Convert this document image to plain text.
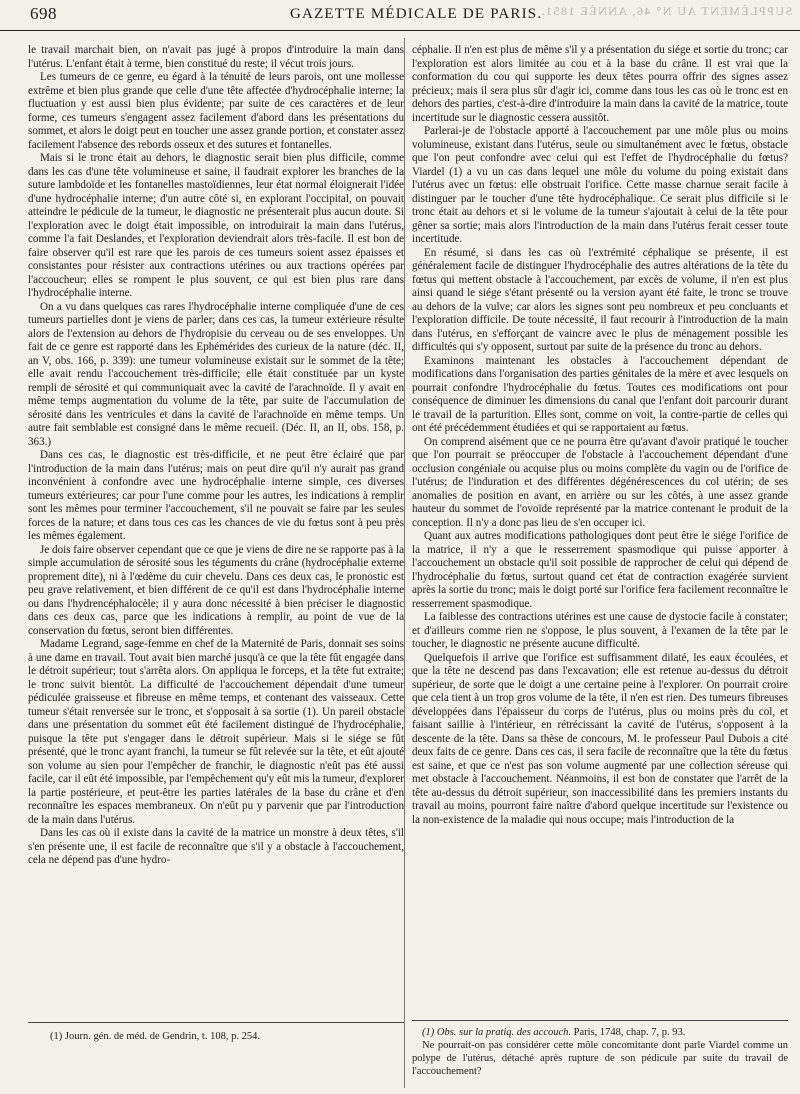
698	GAZETTE MÉDICALE DE PARIS.
SUPPLÉMENT AU N° 46, ANNÉE 1851.

le travail marchait bien, on n'avait pas jugé à propos d'introduire la main dans l'utérus. L'enfant était à terme, bien constitué du reste; il vécut trois jours.

Les tumeurs de ce genre, eu égard à la ténuité de leurs parois, ont une mollesse extrême et bien plus grande que celle d'une tête affectée d'hydrocéphalie interne; la fluctuation y est aussi bien plus évidente; par suite de ces caractères et de leur forme, ces tumeurs s'engagent assez facilement d'abord dans les présentations du sommet, et alors le doigt peut en toucher une assez grande portion, et constater assez facilement l'absence des rebords osseux et des sutures et fontanelles.

Mais si le tronc était au dehors, le diagnostic serait bien plus difficile, comme dans les cas d'une tête volumineuse et saine, il faudrait explorer les branches de la suture lambdoïde et les fontanelles mastoïdiennes, leur état normal éloignerait l'idée d'une hydrocéphalie interne; d'un autre côté si, en explorant l'occipital, on pouvait atteindre le pédicule de la tumeur, le diagnostic ne présenterait plus aucun doute. Si l'exploration avec le doigt était impossible, on introduirait la main dans l'utérus, comme l'a fait Deslandes, et l'exploration deviendrait alors très-facile. Il est bon de faire observer qu'il est rare que les parois de ces tumeurs soient assez épaisses et consistantes pour résister aux contractions utérines ou aux tractions opérées par l'accoucheur; elles se rompent le plus souvent, ce qui est bien plus rare dans l'hydrocéphalie interne.

On a vu dans quelques cas rares l'hydrocéphalie interne compliquée d'une de ces tumeurs partielles dont je viens de parler; dans ces cas, la tumeur extérieure résulte alors de l'extension au dehors de l'hydropisie du cerveau ou de ses enveloppes. Un fait de ce genre est rapporté dans les Ephémérides des curieux de la nature (déc. II, an V, obs. 166, p. 339): une tumeur volumineuse existait sur le sommet de la tête; elle avait rendu l'accouchement très-difficile; elle était constituée par un kyste rempli de sérosité et qui communiquait avec la cavité de l'arachnoïde. Il y avait en même temps augmentation du volume de la tête, par suite de l'accumulation de sérosité dans les ventricules et dans la cavité de l'arachnoïde en même temps. Un autre fait semblable est consigné dans le même recueil. (Déc. II, an II, obs. 158, p. 363.)

Dans ces cas, le diagnostic est très-difficile, et ne peut être éclairé que par l'introduction de la main dans l'utérus; mais on peut dire qu'il n'y aurait pas grand inconvénient à confondre avec une hydrocéphalie interne simple, ces diverses tumeurs extérieures; car pour l'une comme pour les autres, les indications à remplir sont les mêmes pour terminer l'accouchement, s'il ne pouvait se faire par les seules forces de la nature; et dans tous ces cas les chances de vie du fœtus sont à peu près les mêmes également.

Je dois faire observer cependant que ce que je viens de dire ne se rapporte pas à la simple accumulation de sérosité sous les téguments du crâne (hydrocéphalie externe proprement dite), ni à l'œdème du cuir chevelu. Dans ces deux cas, le pronostic est peu grave relativement, et bien différent de ce qu'il est dans l'hydrocéphalie interne ou dans l'hydrencéphalocèle; il y aura donc nécessité à bien préciser le diagnostic dans ces deux cas, parce que les indications à remplir, au point de vue de la conservation du fœtus, seront bien différentes.

Madame Legrand, sage-femme en chef de la Maternité de Paris, donnait ses soins à une dame en travail. Tout avait bien marché jusqu'à ce que la tête fût engagée dans le détroit supérieur; tout s'arrêta alors. On appliqua le forceps, et la tête fut extraite; le tronc suivit bientôt. La difficulté de l'accouchement dépendait d'une tumeur pédiculée graisseuse et fibreuse en même temps, et contenant des vaisseaux. Cette tumeur s'était renversée sur le tronc, et s'opposait à sa sortie (1). Un pareil obstacle dans une présentation du sommet eût été facilement distingué de l'hydrocéphalie, puisque la tête put s'engager dans le détroit supérieur. Mais si le siége se fût présenté, que le tronc ayant franchi, la tumeur se fût relevée sur la tête, et eût ajouté son volume au sien pour l'empêcher de franchir, le diagnostic n'eût pas été aussi facile, car il eût été impossible, par l'empêchement qu'y eût mis la tumeur, d'explorer la partie postérieure, et peut-être les parties latérales de la base du crâne et d'en reconnaître les espaces membraneux. On n'eût pu y parvenir que par l'introduction de la main dans l'utérus.

Dans les cas où il existe dans la cavité de la matrice un monstre à deux têtes, s'il s'en présente une, il est facile de reconnaître que s'il y a obstacle à l'accouchement, cela ne dépend pas d'une hydro-

céphalie. Il n'en est plus de même s'il y a présentation du siége et sortie du tronc; car l'exploration est alors limitée au cou et à la base du crâne. Il est vrai que la conformation du cou qui supporte les deux têtes pourra offrir des signes assez précieux; mais il sera plus sûr d'agir ici, comme dans tous les cas où le tronc est en dehors des parties, c'est-à-dire d'introduire la main dans la cavité de la matrice, toute incertitude sur le diagnostic cessera aussitôt.

Parlerai-je de l'obstacle apporté à l'accouchement par une môle plus ou moins volumineuse, existant dans l'utérus, seule ou simultanément avec le fœtus, obstacle que l'on peut confondre avec celui qui est l'effet de l'hydrocéphalie du fœtus? Viardel (1) a vu un cas dans lequel une môle du volume du poing existait dans l'utérus avec un fœtus: elle obstruait l'orifice. Cette masse charnue serait facile à distinguer par le toucher d'une tête hydrocéphalique. Ce serait plus difficile si le tronc était au dehors et si le volume de la tumeur s'ajoutait à celui de la tête pour gêner sa sortie; mais alors l'introduction de la main dans l'utérus ferait cesser toute incertitude.

En résumé, si dans les cas où l'extrémité céphalique se présente, il est généralement facile de distinguer l'hydrocéphalie des autres altérations de la tête du fœtus qui mettent obstacle à l'accouchement, par excès de volume, il n'en est plus ainsi quand le siége s'étant présenté ou la version ayant été faite, le tronc se trouve au dehors de la vulve; car alors les signes sont peu nombreux et peu concluants et l'exploration difficile. De toute nécessité, il faut recourir à l'introduction de la main dans l'utérus, en s'efforçant de vaincre avec le plus de ménagement possible les difficultés qui s'y opposent, surtout par suite de la présence du tronc au dehors.

Examinons maintenant les obstacles à l'accouchement dépendant de modifications dans l'organisation des parties génitales de la mère et avec lesquels on pourrait confondre l'hydrocéphalie du fœtus. Toutes ces modifications ont pour conséquence de diminuer les dimensions du canal que l'enfant doit parcourir durant le travail de la parturition. Elles sont, comme on voit, la contre-partie de celles qui ont été précédemment étudiées et qui se rapportaient au fœtus.

On comprend aisément que ce ne pourra être qu'avant d'avoir pratiqué le toucher que l'on pourrait se préoccuper de l'obstacle à l'accouchement dépendant d'une occlusion congéniale ou acquise plus ou moins complète du vagin ou de l'orifice de l'utérus; de l'induration et des différentes dégénérescences du col utérin; de ses anomalies de position en avant, en arrière ou sur les côtés, à une assez grande hauteur du sommet de l'ovoïde représenté par la matrice contenant le produit de la conception. Il n'y a donc pas lieu de s'en occuper ici.

Quant aux autres modifications pathologiques dont peut être le siége l'orifice de la matrice, il n'y a que le resserrement spasmodique qui puisse apporter à l'accouchement un obstacle qu'il soit possible de rapprocher de celui qui dépend de l'hydrocéphalie du fœtus, surtout quand cet état de contraction exagérée survient après la sortie du tronc; mais le doigt porté sur l'orifice fera facilement reconnaître le resserrement spasmodique.

La faiblesse des contractions utérines est une cause de dystocie facile à constater; et d'ailleurs comme rien ne s'oppose, le plus souvent, à l'examen de la tête par le toucher, le diagnostic ne présente aucune difficulté.

Quelquefois il arrive que l'orifice est suffisamment dilaté, les eaux écoulées, et que la tête ne descend pas dans l'excavation; elle est retenue au-dessus du détroit supérieur, de sorte que le doigt a une certaine peine à l'explorer. On pourrait croire que cela tient à un trop gros volume de la tête, il n'en est rien. Des tumeurs fibreuses développées dans l'épaisseur du corps de l'utérus, plus ou moins près du col, et faisant saillie à l'intérieur, en rétrécissant la cavité de l'utérus, s'opposent à la descente de la tête. Dans sa thèse de concours, M. le professeur Paul Dubois a cité deux faits de ce genre. Dans ces cas, il sera facile de reconnaître que la tête du fœtus est saine, et que ce n'est pas son volume augmenté par une collection séreuse qui met obstacle à l'accouchement. Néanmoins, il est bon de constater que l'arrêt de la tête au-dessus du détroit supérieur, son inaccessibilité dans les premiers instants du travail au moins, pourront faire naître d'abord quelque incertitude sur l'existence ou la non-existence de la maladie qui nous occupe; mais l'introduction de la

(1) Journ. gén. de méd. de Gendrin, t. 108, p. 254.	(1) Obs. sur la pratiq. des accouch. Paris, 1748, chap. 7, p. 93.

Ne pourrait-on pas considérer cette môle concomitante dont parle Viardel comme un polype de l'utérus, détaché après rupture de son pédicule par suite du travail de l'accouchement?
